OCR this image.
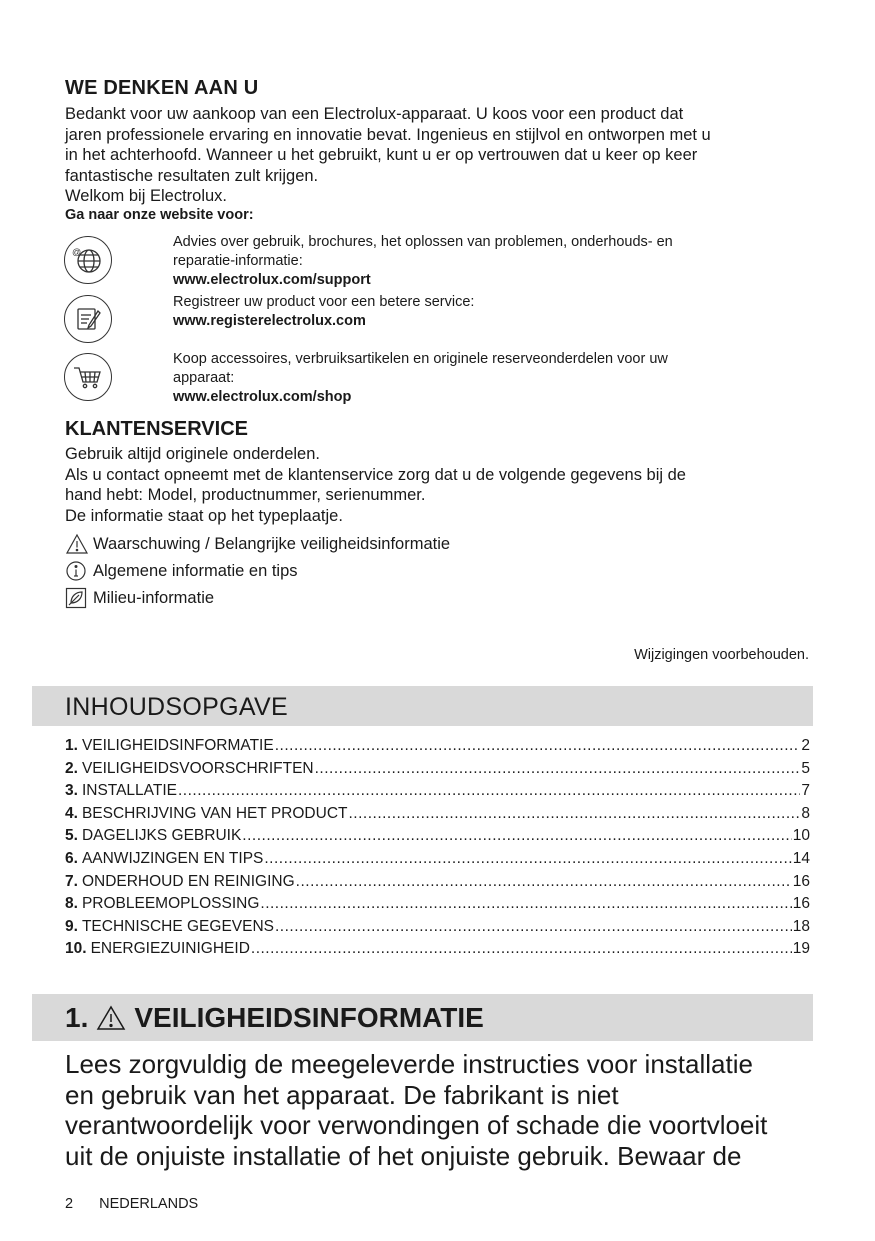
WE DENKEN AAN U

Bedankt voor uw aankoop van een Electrolux-apparaat. U koos voor een product dat

jaren professionele ervaring en innovatie bevat. Ingenieus en stijlvol en ontworpen met u

in het achterhoofd. Wanneer u het gebruikt, kunt u er op vertrouwen dat u keer op keer

fantastische resultaten zult krijgen.

Welkom bij Electrolux.

Ga naar onze website voor:
@
Advies over gebruik, brochures, het oplossen van problemen, onderhouds- en
reparatie-informatie:
www.electrolux.com/support
Registreer uw product voor een betere service:
www.registerelectrolux.com
Koop accessoires, verbruiksartikelen en originele reserveonderdelen voor uw
apparaat:
www.electrolux.com/shop
KLANTENSERVICE

Gebruik altijd originele onderdelen.

Als u contact opneemt met de klantenservice zorg dat u de volgende gegevens bij de

hand hebt: Model, productnummer, serienummer.

De informatie staat op het typeplaatje.

Waarschuwing / Belangrijke veiligheidsinformatie
Algemene informatie en tips
Milieu-informatie
Wijzigingen voorbehouden.
INHOUDSOPGAVE
1. VEILIGHEIDSINFORMATIE .....	2
2. VEILIGHEIDSVOORSCHRIFTEN .....	5
3. INSTALLATIE .....	7
4. BESCHRIJVING VAN HET PRODUCT .....	8
5. DAGELIJKS GEBRUIK .....	10
6. AANWIJZINGEN EN TIPS .....	14
7. ONDERHOUD EN REINIGING .....	16
8. PROBLEEMOPLOSSING .....	16
9. TECHNISCHE GEGEVENS .....	18
10. ENERGIEZUINIGHEID .....	19
1. VEILIGHEIDSINFORMATIE

Lees zorgvuldig de meegeleverde instructies voor installatie

en gebruik van het apparaat. De fabrikant is niet

verantwoordelijk voor verwondingen of schade die voortvloeit

uit de onjuiste installatie of het onjuiste gebruik. Bewaar de

2 NEDERLANDS
